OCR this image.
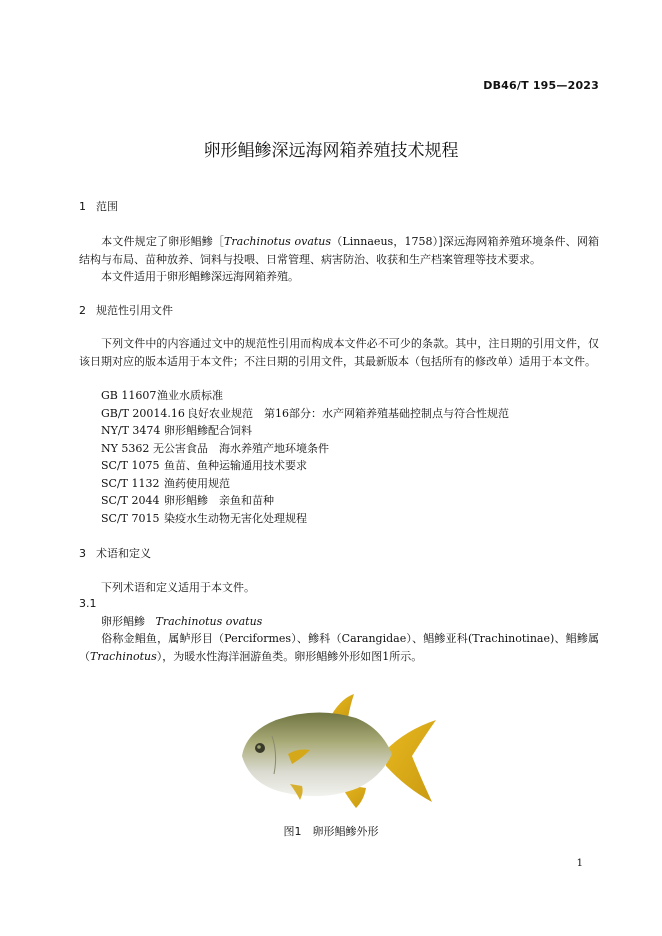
DB46/T 195—2023
卵形鲳鲹深远海网箱养殖技术规程
1 范围
本文件规定了卵形鲳鲹［Trachinotus ovatus（Linnaeus，1758）]深远海网箱养殖环境条件、网箱结构与布局、苗种放养、饲料与投喂、日常管理、病害防治、收获和生产档案管理等技术要求。
本文件适用于卵形鲳鲹深远海网箱养殖。
2 规范性引用文件
下列文件中的内容通过文中的规范性引用而构成本文件必不可少的条款。其中，注日期的引用文件，仅该日期对应的版本适用于本文件；不注日期的引用文件，其最新版本（包括所有的修改单）适用于本文件。
GB 11607渔业水质标准
GB/T 20014.16 良好农业规范　第16部分：水产网箱养殖基础控制点与符合性规范
NY/T 3474 卵形鲳鲹配合饲料
NY 5362 无公害食品　海水养殖产地环境条件
SC/T 1075 鱼苗、鱼种运输通用技术要求
SC/T 1132 渔药使用规范
SC/T 2044 卵形鲳鲹　亲鱼和苗种
SC/T 7015 染疫水生动物无害化处理规程
3 术语和定义
下列术语和定义适用于本文件。
3.1
卵形鲳鲹 Trachinotus ovatus
俗称金鲳鱼，属鲈形目（Perciformes）、鲹科（Carangidae）、鲳鲹亚科(Trachinotinae)、鲳鲹属（Trachinotus），为暖水性海洋洄游鱼类。卵形鲳鲹外形如图1所示。
图1　卵形鲳鲹外形
1
